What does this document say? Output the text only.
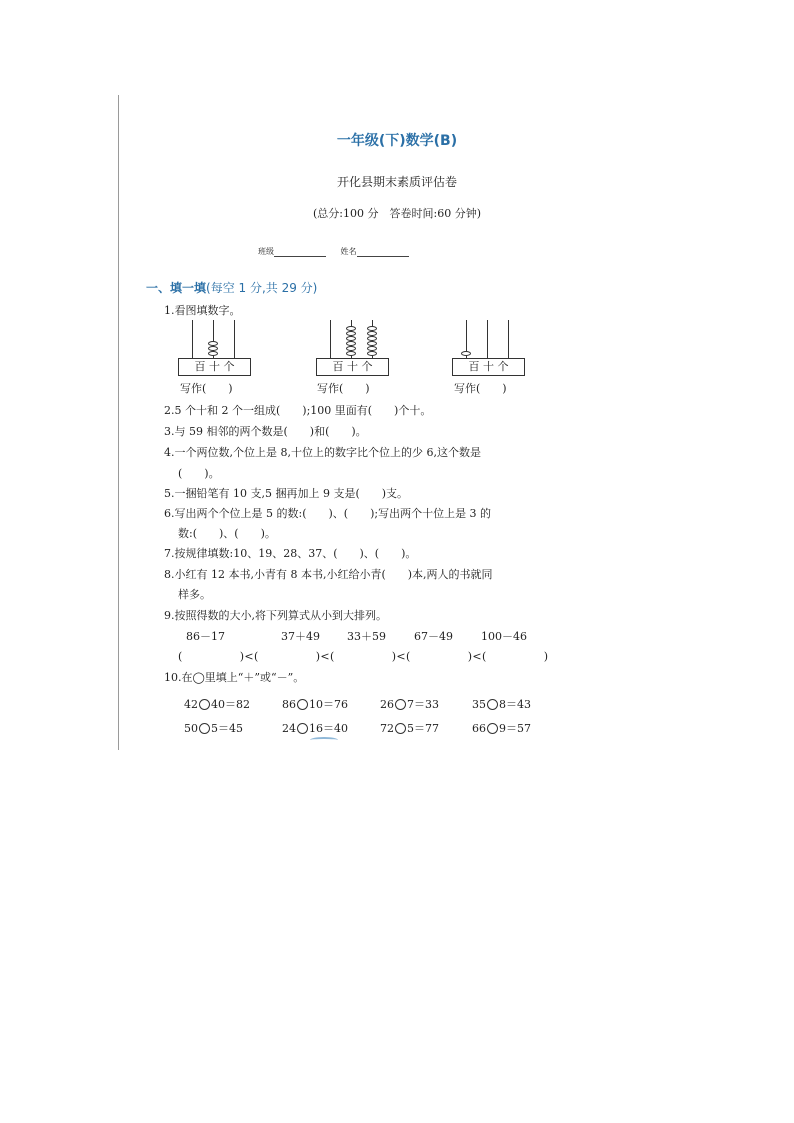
一年级(下)数学(B)
开化县期末素质评估卷
(总分:100 分　答卷时间:60 分钟)
班级	姓名
一、填一填(每空 1 分,共 29 分)
1.看图填数字。
百 十 个
写作(　　)
百 十 个
写作(　　)
百 十 个
写作(　　)
2.5 个十和 2 个一组成(　　);100 里面有(　　)个十。
3.与 59 相邻的两个数是(　　)和(　　)。
4.一个两位数,个位上是 8,十位上的数字比个位上的少 6,这个数是
(　　)。
5.一捆铅笔有 10 支,5 捆再加上 9 支是(　　)支。
6.写出两个个位上是 5 的数:(　　)、(　　);写出两个十位上是 3 的
数:(　　)、(　　)。
7.按规律填数:10、19、28、37、(　　)、(　　)。
8.小红有 12 本书,小青有 8 本书,小红给小青(　　)本,两人的书就同
样多。
9.按照得数的大小,将下列算式从小到大排列。
86－17	37＋49 33＋59	67－49	100－46
(　　　　　)<(　　　　　)<(　　　　　)<(　　　　　)<(　　　　　)
10.在◯里填上“＋”或“－”。
42 40＝82	86 10＝76	26 7＝33	35 8＝43
50 5＝45	24 16＝40	72 5＝77	66 9＝57
